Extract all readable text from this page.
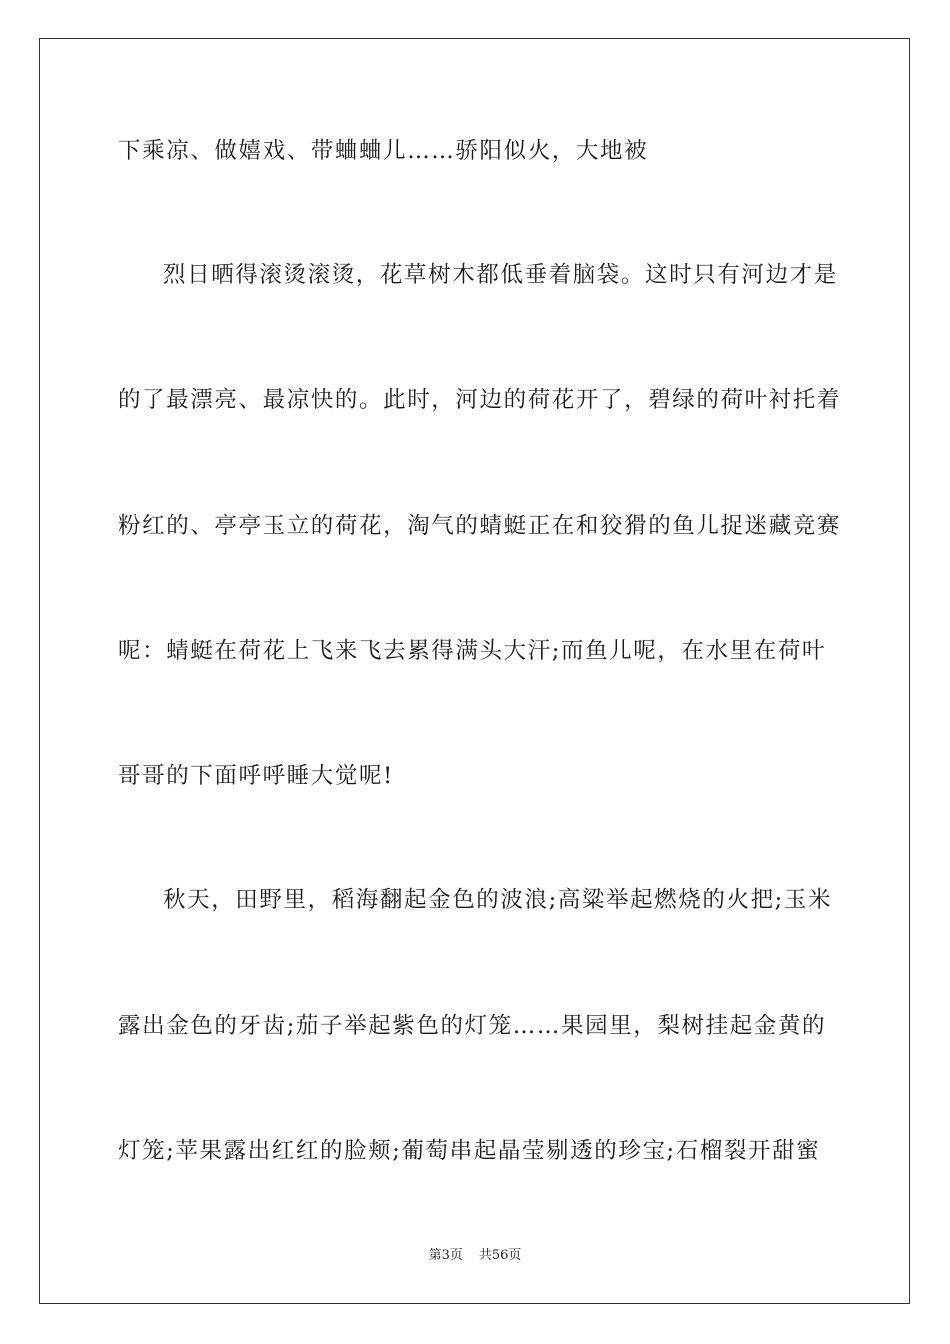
下乘凉、做嬉戏、带蛐蛐儿……骄阳似火，大地被
烈日晒得滚烫滚烫，花草树木都低垂着脑袋。这时只有河边才是
的了最漂亮、最凉快的。此时，河边的荷花开了，碧绿的荷叶衬托着
粉红的、亭亭玉立的荷花，淘气的蜻蜓正在和狡猾的鱼儿捉迷藏竞赛
呢：蜻蜓在荷花上飞来飞去累得满头大汗;而鱼儿呢，在水里在荷叶
哥哥的下面呼呼睡大觉呢!
秋天，田野里，稻海翻起金色的波浪;高粱举起燃烧的火把;玉米
露出金色的牙齿;茄子举起紫色的灯笼……果园里，梨树挂起金黄的
灯笼;苹果露出红红的脸颊;葡萄串起晶莹剔透的珍宝;石榴裂开甜蜜
第3页 共56页
